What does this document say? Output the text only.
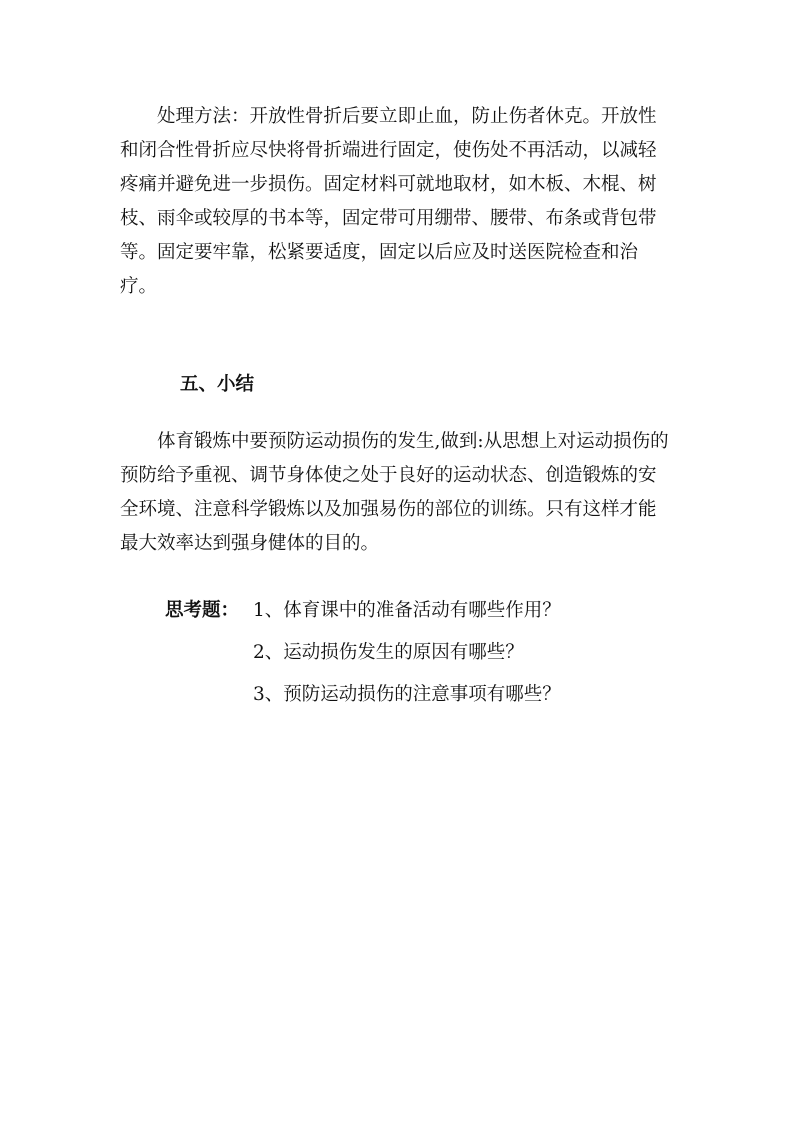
　　处理方法：开放性骨折后要立即止血，防止伤者休克。开放性
和闭合性骨折应尽快将骨折端进行固定，使伤处不再活动，以减轻
疼痛并避免进一步损伤。固定材料可就地取材，如木板、木棍、树
枝、雨伞或较厚的书本等，固定带可用绷带、腰带、布条或背包带
等。固定要牢靠，松紧要适度，固定以后应及时送医院检查和治
疗。
五、小结
　　体育锻炼中要预防运动损伤的发生,做到:从思想上对运动损伤的
预防给予重视、调节身体使之处于良好的运动状态、创造锻炼的安
全环境、注意科学锻炼以及加强易伤的部位的训练。只有这样才能
最大效率达到强身健体的目的。
思考题： 1、体育课中的准备活动有哪些作用？
2、运动损伤发生的原因有哪些？
3、预防运动损伤的注意事项有哪些？
